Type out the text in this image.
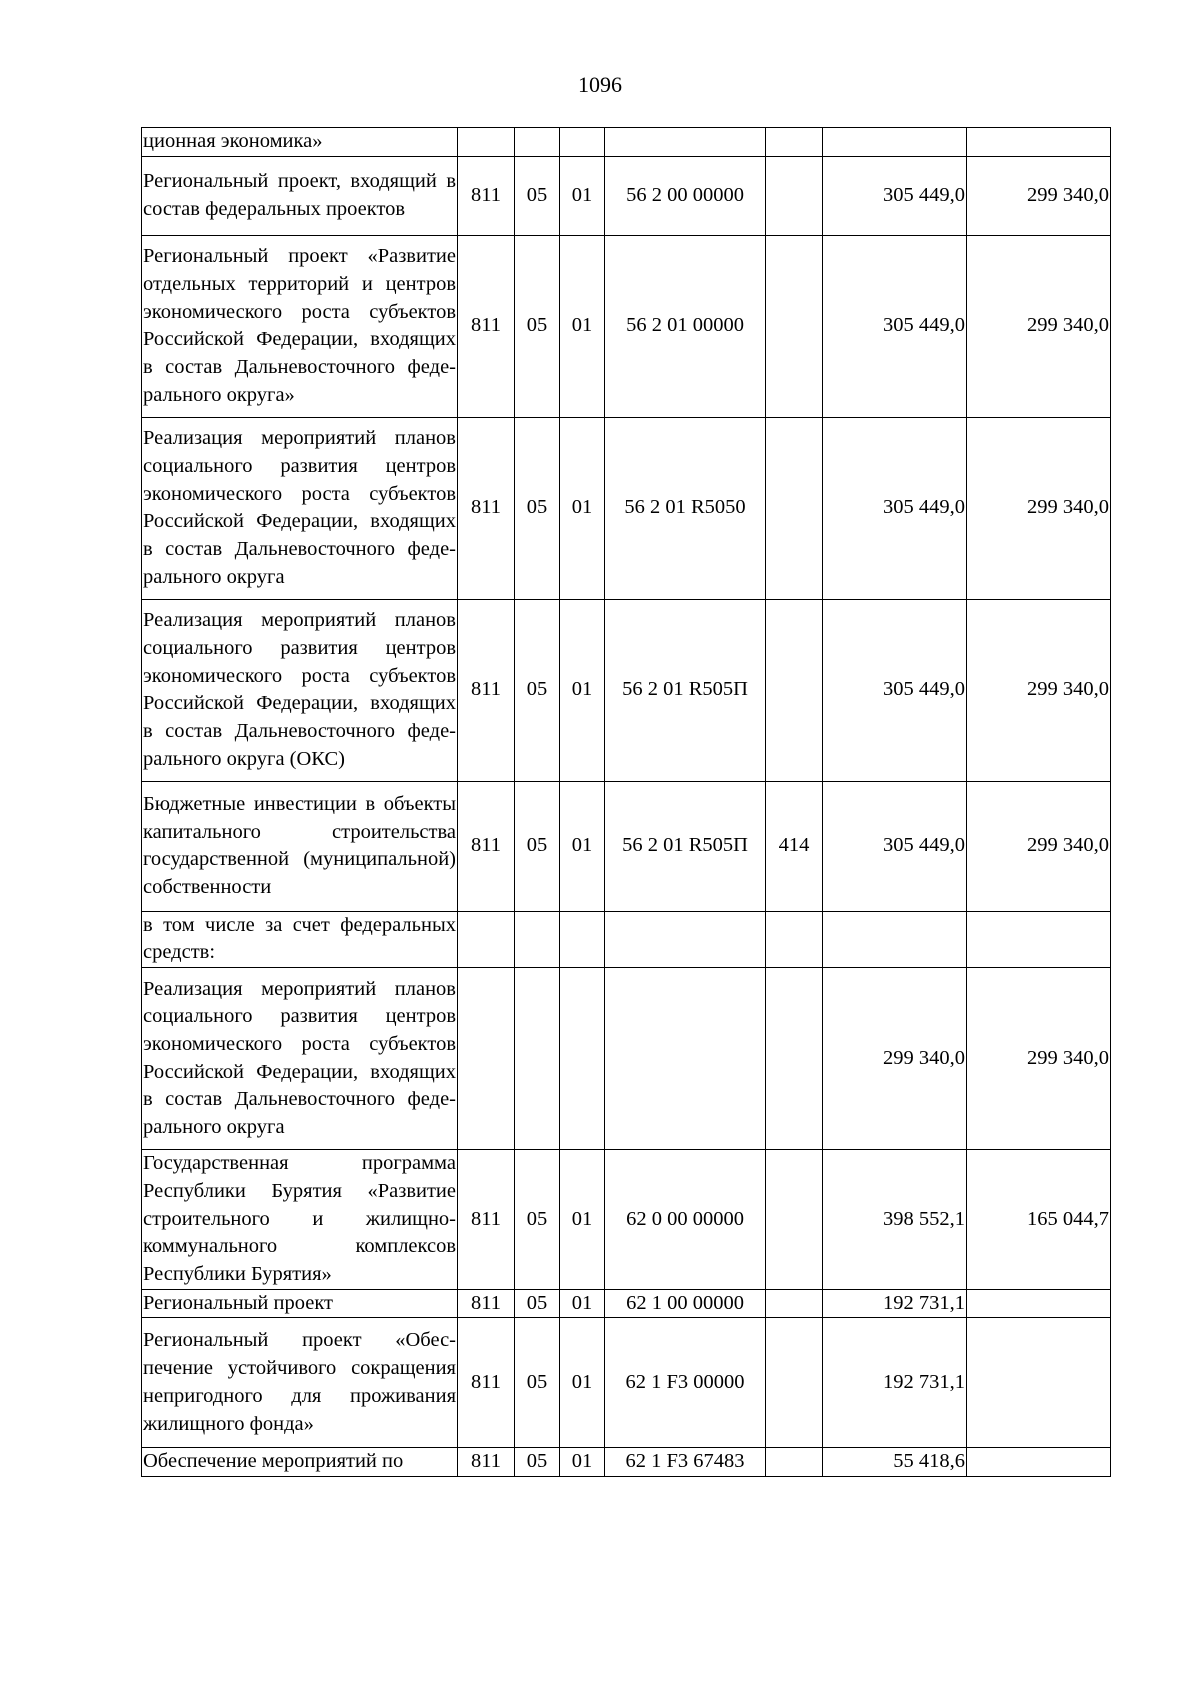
1096
ционная экономика»							
Региональный проект, входящий в состав федеральных проектов	811	05	01	56 2 00 00000		305 449,0	299 340,0
Региональный проект «Развитие отдельных территорий и центров экономического роста субъектов Российской Федерации, входящих в состав Дальневосточного федерального округа»	811	05	01	56 2 01 00000		305 449,0	299 340,0
Реализация мероприятий планов социального развития центров экономического роста субъектов Российской Федерации, входящих в состав Дальневосточного федерального округа	811	05	01	56 2 01 R5050		305 449,0	299 340,0
Реализация мероприятий планов социального развития центров экономического роста субъектов Российской Федерации, входящих в состав Дальневосточного федерального округа (ОКС)	811	05	01	56 2 01 R505П		305 449,0	299 340,0
Бюджетные инвестиции в объекты капитального строительства государственной (муниципальной) собственности	811	05	01	56 2 01 R505П	414	305 449,0	299 340,0
в том числе за счет федеральных средств:							
Реализация мероприятий планов социального развития центров экономического роста субъектов Российской Федерации, входящих в состав Дальневосточного федерального округа						299 340,0	299 340,0
Государственная программа Республики Бурятия «Развитие строительного и жилищно-коммунального комплексов Республики Бурятия»	811	05	01	62 0 00 00000		398 552,1	165 044,7
Региональный проект	811	05	01	62 1 00 00000		192 731,1	
Региональный проект «Обеспечение устойчивого сокращения непригодного для проживания жилищного фонда»	811	05	01	62 1 F3 00000		192 731,1	
Обеспечение мероприятий по	811	05	01	62 1 F3 67483		55 418,6	
